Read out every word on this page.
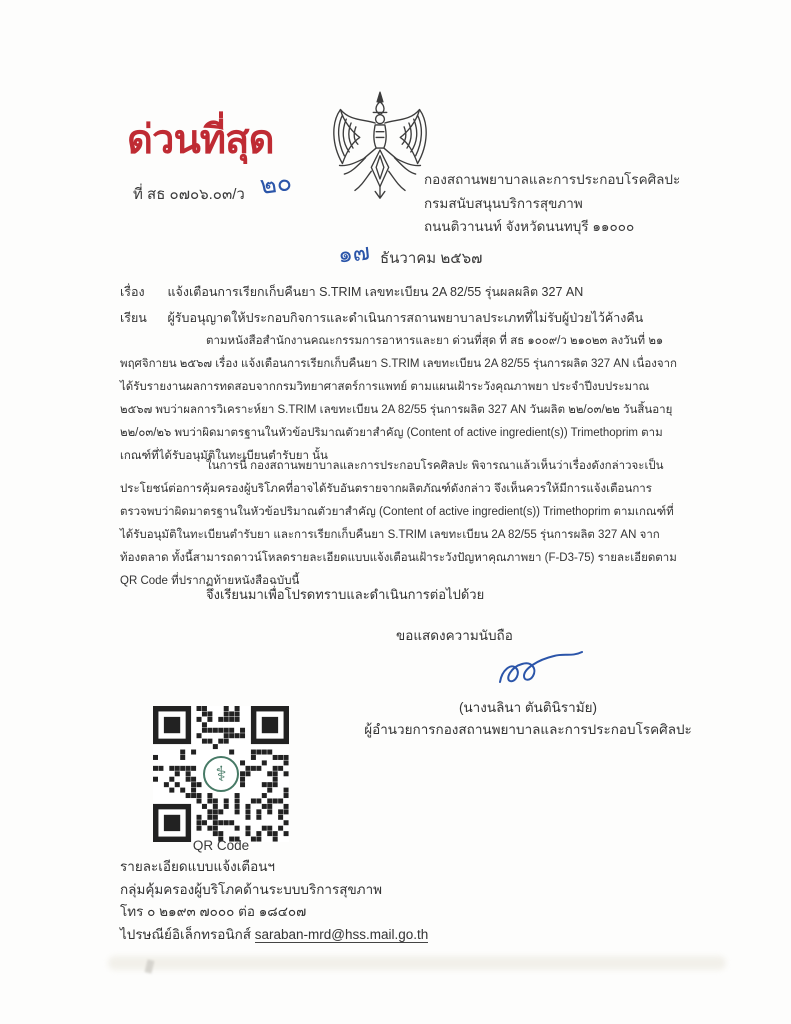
ด่วนที่สุด
ที่ สธ ๐๗๐๖.๐๓/ว ๒๐	กองสถานพยาบาลและการประกอบโรคศิลปะ
กรมสนับสนุนบริการสุขภาพ
ถนนติวานนท์ จังหวัดนนทบุรี ๑๑๐๐๐
๑๗ ธันวาคม ๒๕๖๗
เรื่อง แจ้งเตือนการเรียกเก็บคืนยา S.TRIM เลขทะเบียน 2A 82/55 รุ่นผลผลิต 327 AN
เรียน ผู้รับอนุญาตให้ประกอบกิจการและดำเนินการสถานพยาบาลประเภทที่ไม่รับผู้ป่วยไว้ค้างคืน
ตามหนังสือสำนักงานคณะกรรมการอาหารและยา ด่วนที่สุด ที่ สธ ๑๐๐๙/ว ๒๑๐๒๓ ลงวันที่ ๒๑ พฤศจิกายน ๒๕๖๗ เรื่อง แจ้งเตือนการเรียกเก็บคืนยา S.TRIM เลขทะเบียน 2A 82/55 รุ่นการผลิต 327 AN เนื่องจากได้รับรายงานผลการทดสอบจากกรมวิทยาศาสตร์การแพทย์ ตามแผนเฝ้าระวังคุณภาพยา ประจำปีงบประมาณ ๒๕๖๗ พบว่าผลการวิเคราะห์ยา S.TRIM เลขทะเบียน 2A 82/55 รุ่นการผลิต 327 AN วันผลิต ๒๒/๐๓/๒๒ วันสิ้นอายุ ๒๒/๐๓/๒๖ พบว่าผิดมาตรฐานในหัวข้อปริมาณตัวยาสำคัญ (Content of active ingredient(s)) Trimethoprim ตามเกณฑ์ที่ได้รับอนุมัติในทะเบียนตำรับยา นั้น
ในการนี้ กองสถานพยาบาลและการประกอบโรคศิลปะ พิจารณาแล้วเห็นว่าเรื่องดังกล่าวจะเป็นประโยชน์ต่อการคุ้มครองผู้บริโภคที่อาจได้รับอันตรายจากผลิตภัณฑ์ดังกล่าว จึงเห็นควรให้มีการแจ้งเตือนการตรวจพบว่าผิดมาตรฐานในหัวข้อปริมาณตัวยาสำคัญ (Content of active ingredient(s)) Trimethoprim ตามเกณฑ์ที่ได้รับอนุมัติในทะเบียนตำรับยา และการเรียกเก็บคืนยา S.TRIM เลขทะเบียน 2A 82/55 รุ่นการผลิต 327 AN จากท้องตลาด ทั้งนี้สามารถดาวน์โหลดรายละเอียดแบบแจ้งเตือนเฝ้าระวังปัญหาคุณภาพยา (F-D3-75) รายละเอียดตาม QR Code ที่ปรากฏท้ายหนังสือฉบับนี้
จึงเรียนมาเพื่อโปรดทราบและดำเนินการต่อไปด้วย
ขอแสดงความนับถือ
(นางนลินา ตันตินิรามัย)
ผู้อำนวยการกองสถานพยาบาลและการประกอบโรคศิลปะ
⚕
QR Code
รายละเอียดแบบแจ้งเตือนฯ
กลุ่มคุ้มครองผู้บริโภคด้านระบบบริการสุขภาพ
โทร ๐ ๒๑๙๓ ๗๐๐๐ ต่อ ๑๘๔๐๗
ไปรษณีย์อิเล็กทรอนิกส์ saraban-mrd@hss.mail.go.th
